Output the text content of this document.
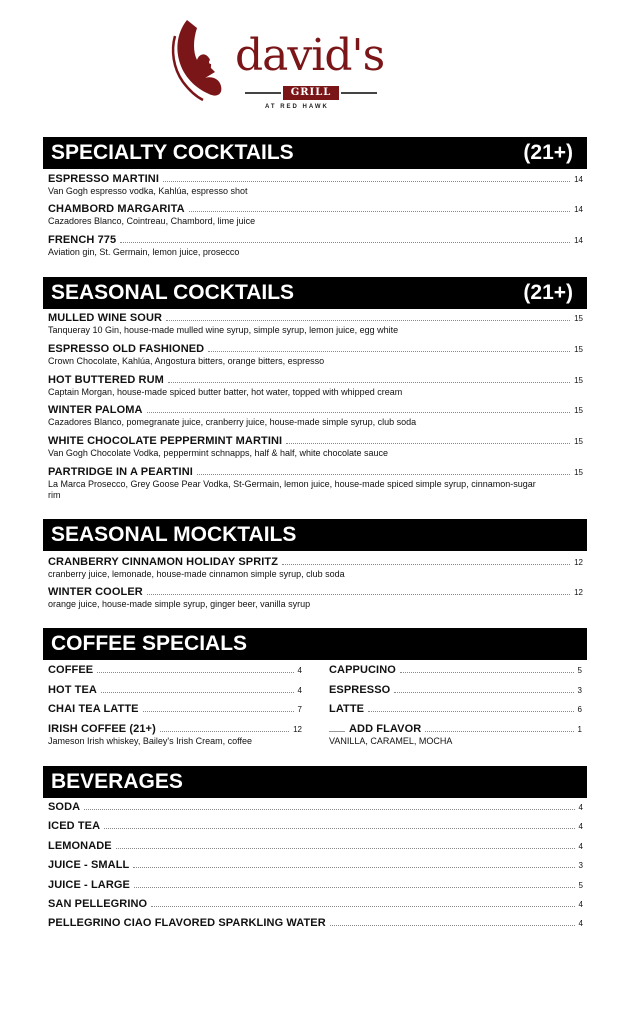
david's
GRILL
AT RED HAWK
SPECIALTY COCKTAILS	(21+)
ESPRESSO MARTINI	14
Van Gogh espresso vodka, Kahlúa, espresso shot
CHAMBORD MARGARITA	14
Cazadores Blanco, Cointreau, Chambord, lime juice
FRENCH 775	14
Aviation gin, St. Germain, lemon juice, prosecco
SEASONAL COCKTAILS	(21+)
MULLED WINE SOUR	15
Tanqueray 10 Gin, house-made mulled wine syrup, simple syrup, lemon juice, egg white
ESPRESSO OLD FASHIONED	15
Crown Chocolate, Kahlúa, Angostura bitters, orange bitters, espresso
HOT BUTTERED RUM	15
Captain Morgan, house-made spiced butter batter, hot water, topped with whipped cream
WINTER PALOMA	15
Cazadores Blanco, pomegranate juice, cranberry juice, house-made simple syrup, club soda
WHITE CHOCOLATE PEPPERMINT MARTINI	15
Van Gogh Chocolate Vodka, peppermint schnapps, half & half, white chocolate sauce
PARTRIDGE IN A PEARTINI	15
La Marca Prosecco, Grey Goose Pear Vodka, St-Germain, lemon juice, house-made spiced simple syrup, cinnamon-sugar rim
SEASONAL MOCKTAILS
CRANBERRY CINNAMON HOLIDAY SPRITZ	12
cranberry juice, lemonade, house-made cinnamon simple syrup, club soda
WINTER COOLER	12
orange juice, house-made simple syrup, ginger beer, vanilla syrup
COFFEE SPECIALS
COFFEE	4
HOT TEA	4
CHAI TEA LATTE	7
IRISH COFFEE (21+)	12
Jameson Irish whiskey, Bailey's Irish Cream, coffee
CAPPUCINO	5
ESPRESSO	3
LATTE	6
ADD FLAVOR	1
VANILLA, CARAMEL, MOCHA
BEVERAGES
SODA	4
ICED TEA	4
LEMONADE	4
JUICE - SMALL	3
JUICE - LARGE	5
SAN PELLEGRINO	4
PELLEGRINO CIAO FLAVORED SPARKLING WATER	4
